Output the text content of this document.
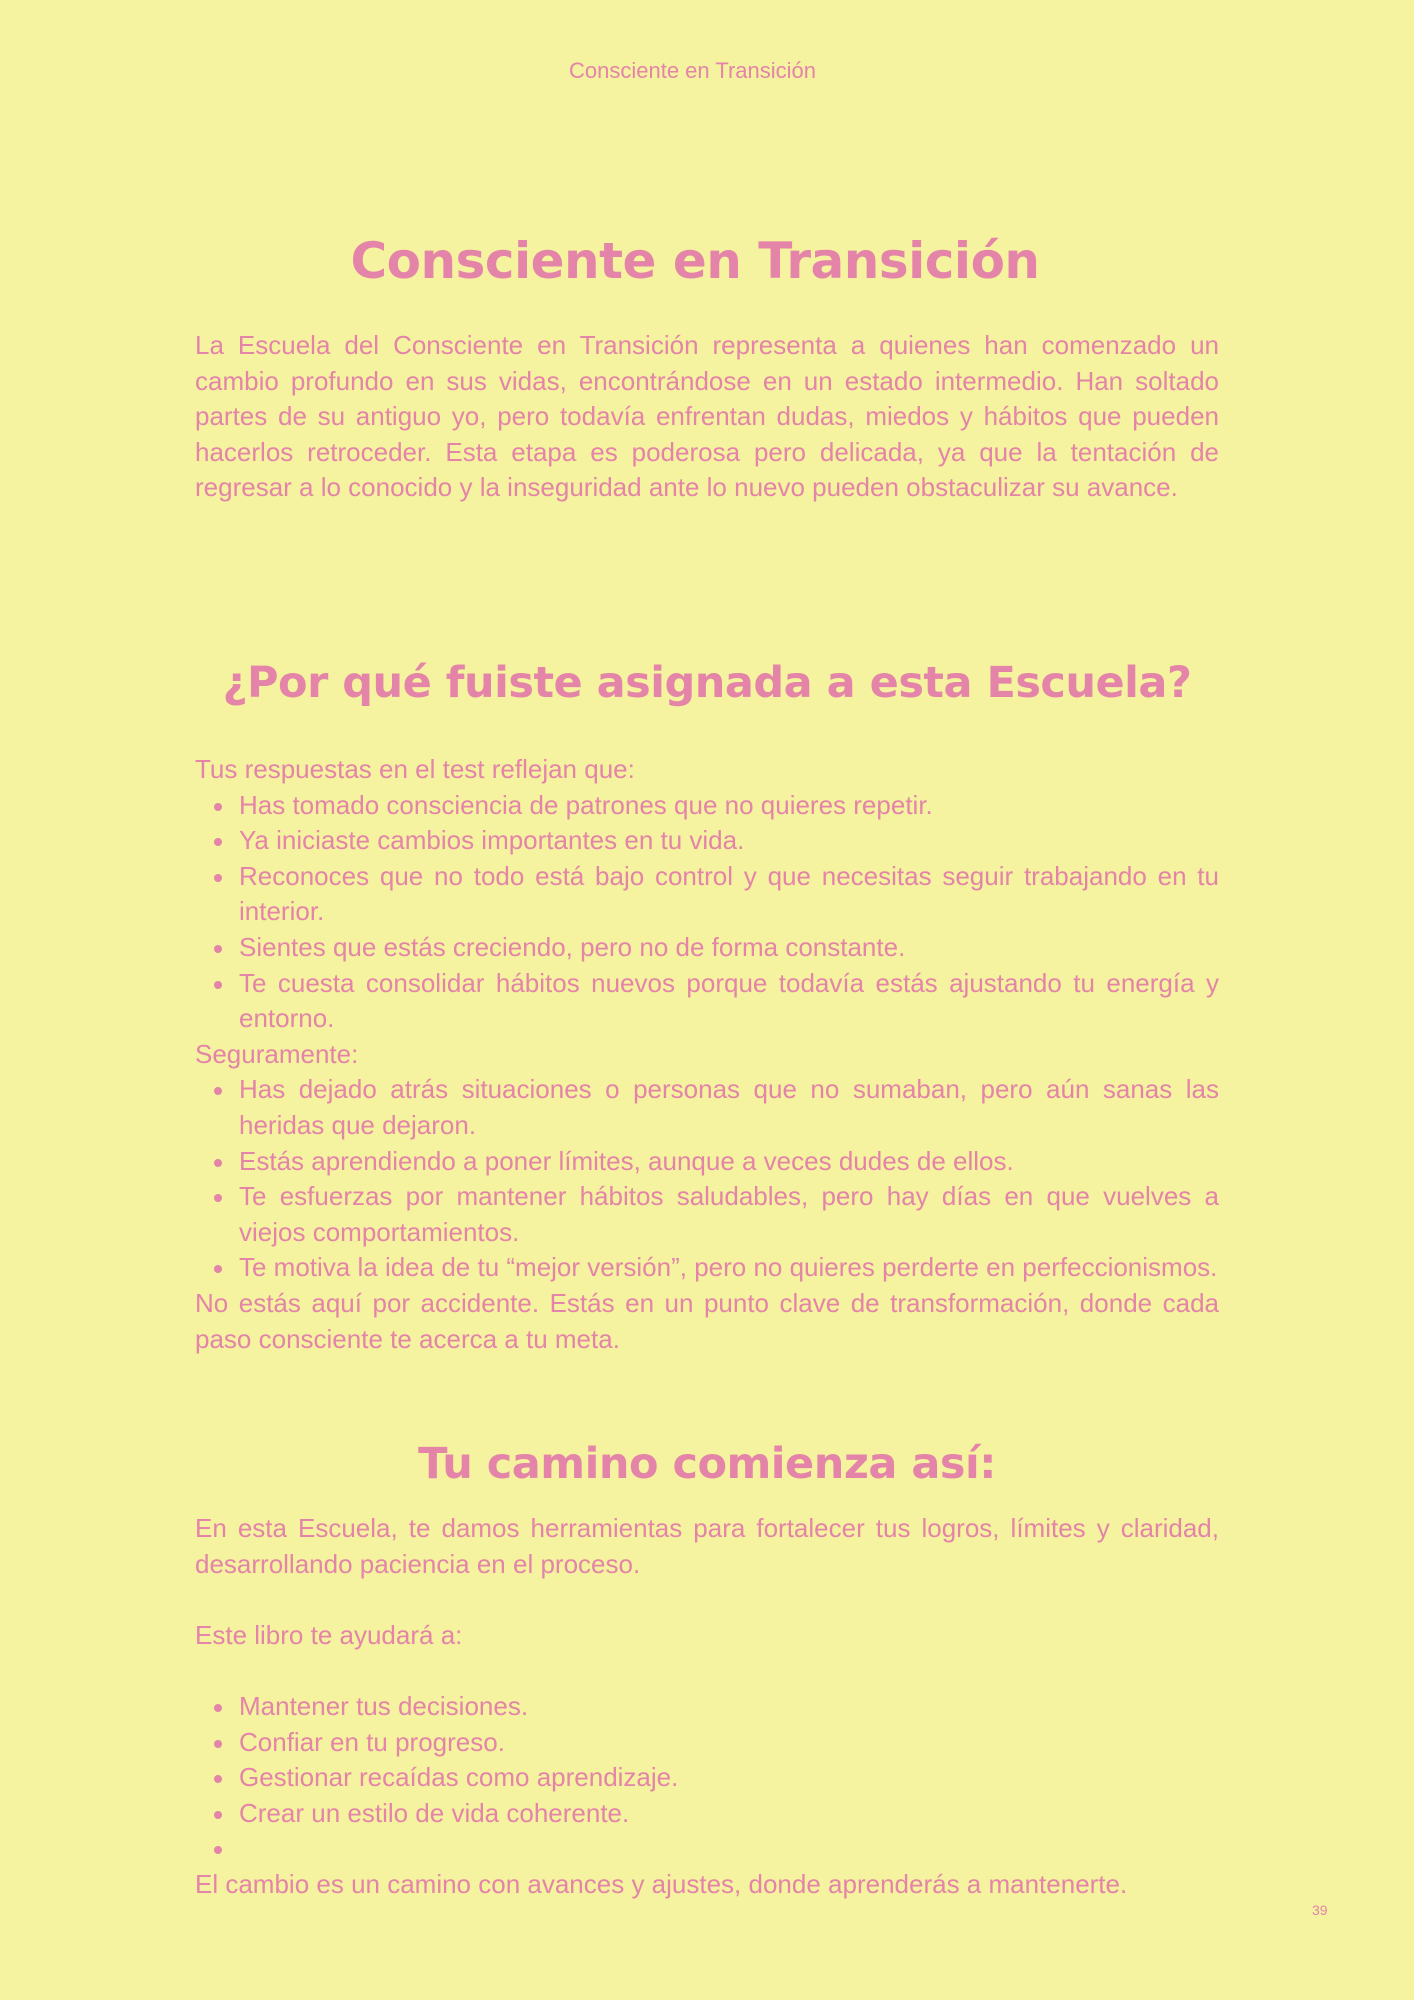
Consciente en Transición
Consciente en Transición

La Escuela del Consciente en Transición representa a quienes han comenzado un cambio profundo en sus vidas, encontrándose en un estado intermedio. Han soltado partes de su antiguo yo, pero todavía enfrentan dudas, miedos y hábitos que pueden hacerlos retroceder. Esta etapa es poderosa pero delicada, ya que la tentación de regresar a lo conocido y la inseguridad ante lo nuevo pueden obstaculizar su avance.

¿Por qué fuiste asignada a esta Escuela?

Tus respuestas en el test reflejan que:

Has tomado consciencia de patrones que no quieres repetir.
Ya iniciaste cambios importantes en tu vida.
Reconoces que no todo está bajo control y que necesitas seguir trabajando en tu interior.
Sientes que estás creciendo, pero no de forma constante.
Te cuesta consolidar hábitos nuevos porque todavía estás ajustando tu energía y entorno.

Seguramente:

Has dejado atrás situaciones o personas que no sumaban, pero aún sanas las heridas que dejaron.
Estás aprendiendo a poner límites, aunque a veces dudes de ellos.
Te esfuerzas por mantener hábitos saludables, pero hay días en que vuelves a viejos comportamientos.
Te motiva la idea de tu “mejor versión”, pero no quieres perderte en perfeccionismos.

No estás aquí por accidente. Estás en un punto clave de transformación, donde cada paso consciente te acerca a tu meta.

Tu camino comienza así:

En esta Escuela, te damos herramientas para fortalecer tus logros, límites y claridad, desarrollando paciencia en el proceso.

Este libro te ayudará a:

Mantener tus decisiones.
Confiar en tu progreso.
Gestionar recaídas como aprendizaje.
Crear un estilo de vida coherente.

El cambio es un camino con avances y ajustes, donde aprenderás a mantenerte.

39
